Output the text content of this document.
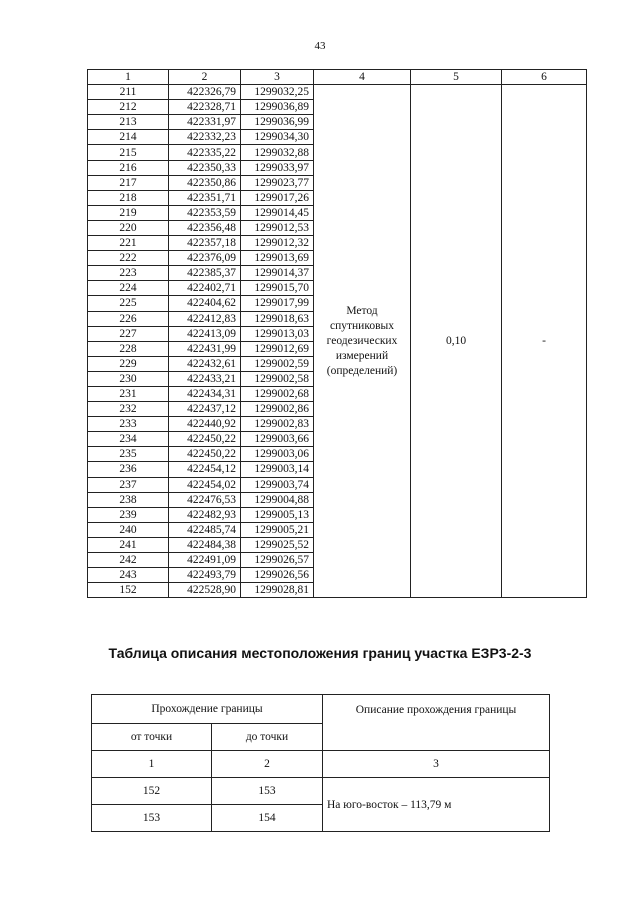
43
1	2	3	4	5	6
211	422326,79	1299032,25	Метод спутниковых геодезических измерений (определений)	0,10	-
212	422328,71	1299036,89			
213	422331,97	1299036,99			
214	422332,23	1299034,30			
215	422335,22	1299032,88			
216	422350,33	1299033,97			
217	422350,86	1299023,77			
218	422351,71	1299017,26			
219	422353,59	1299014,45			
220	422356,48	1299012,53			
221	422357,18	1299012,32			
222	422376,09	1299013,69			
223	422385,37	1299014,37			
224	422402,71	1299015,70			
225	422404,62	1299017,99			
226	422412,83	1299018,63			
227	422413,09	1299013,03			
228	422431,99	1299012,69			
229	422432,61	1299002,59			
230	422433,21	1299002,58			
231	422434,31	1299002,68			
232	422437,12	1299002,86			
233	422440,92	1299002,83			
234	422450,22	1299003,66			
235	422450,22	1299003,06			
236	422454,12	1299003,14			
237	422454,02	1299003,74			
238	422476,53	1299004,88			
239	422482,93	1299005,13			
240	422485,74	1299005,21			
241	422484,38	1299025,52			
242	422491,09	1299026,57			
243	422493,79	1299026,56			
152	422528,90	1299028,81			
Таблица описания местоположения границ участка ЕЗР3-2-3
Прохождение границы		Описание прохождения границы
от точки	до точки	
1	2	3
152	153	На юго-восток – 113,79 м
153	154	
